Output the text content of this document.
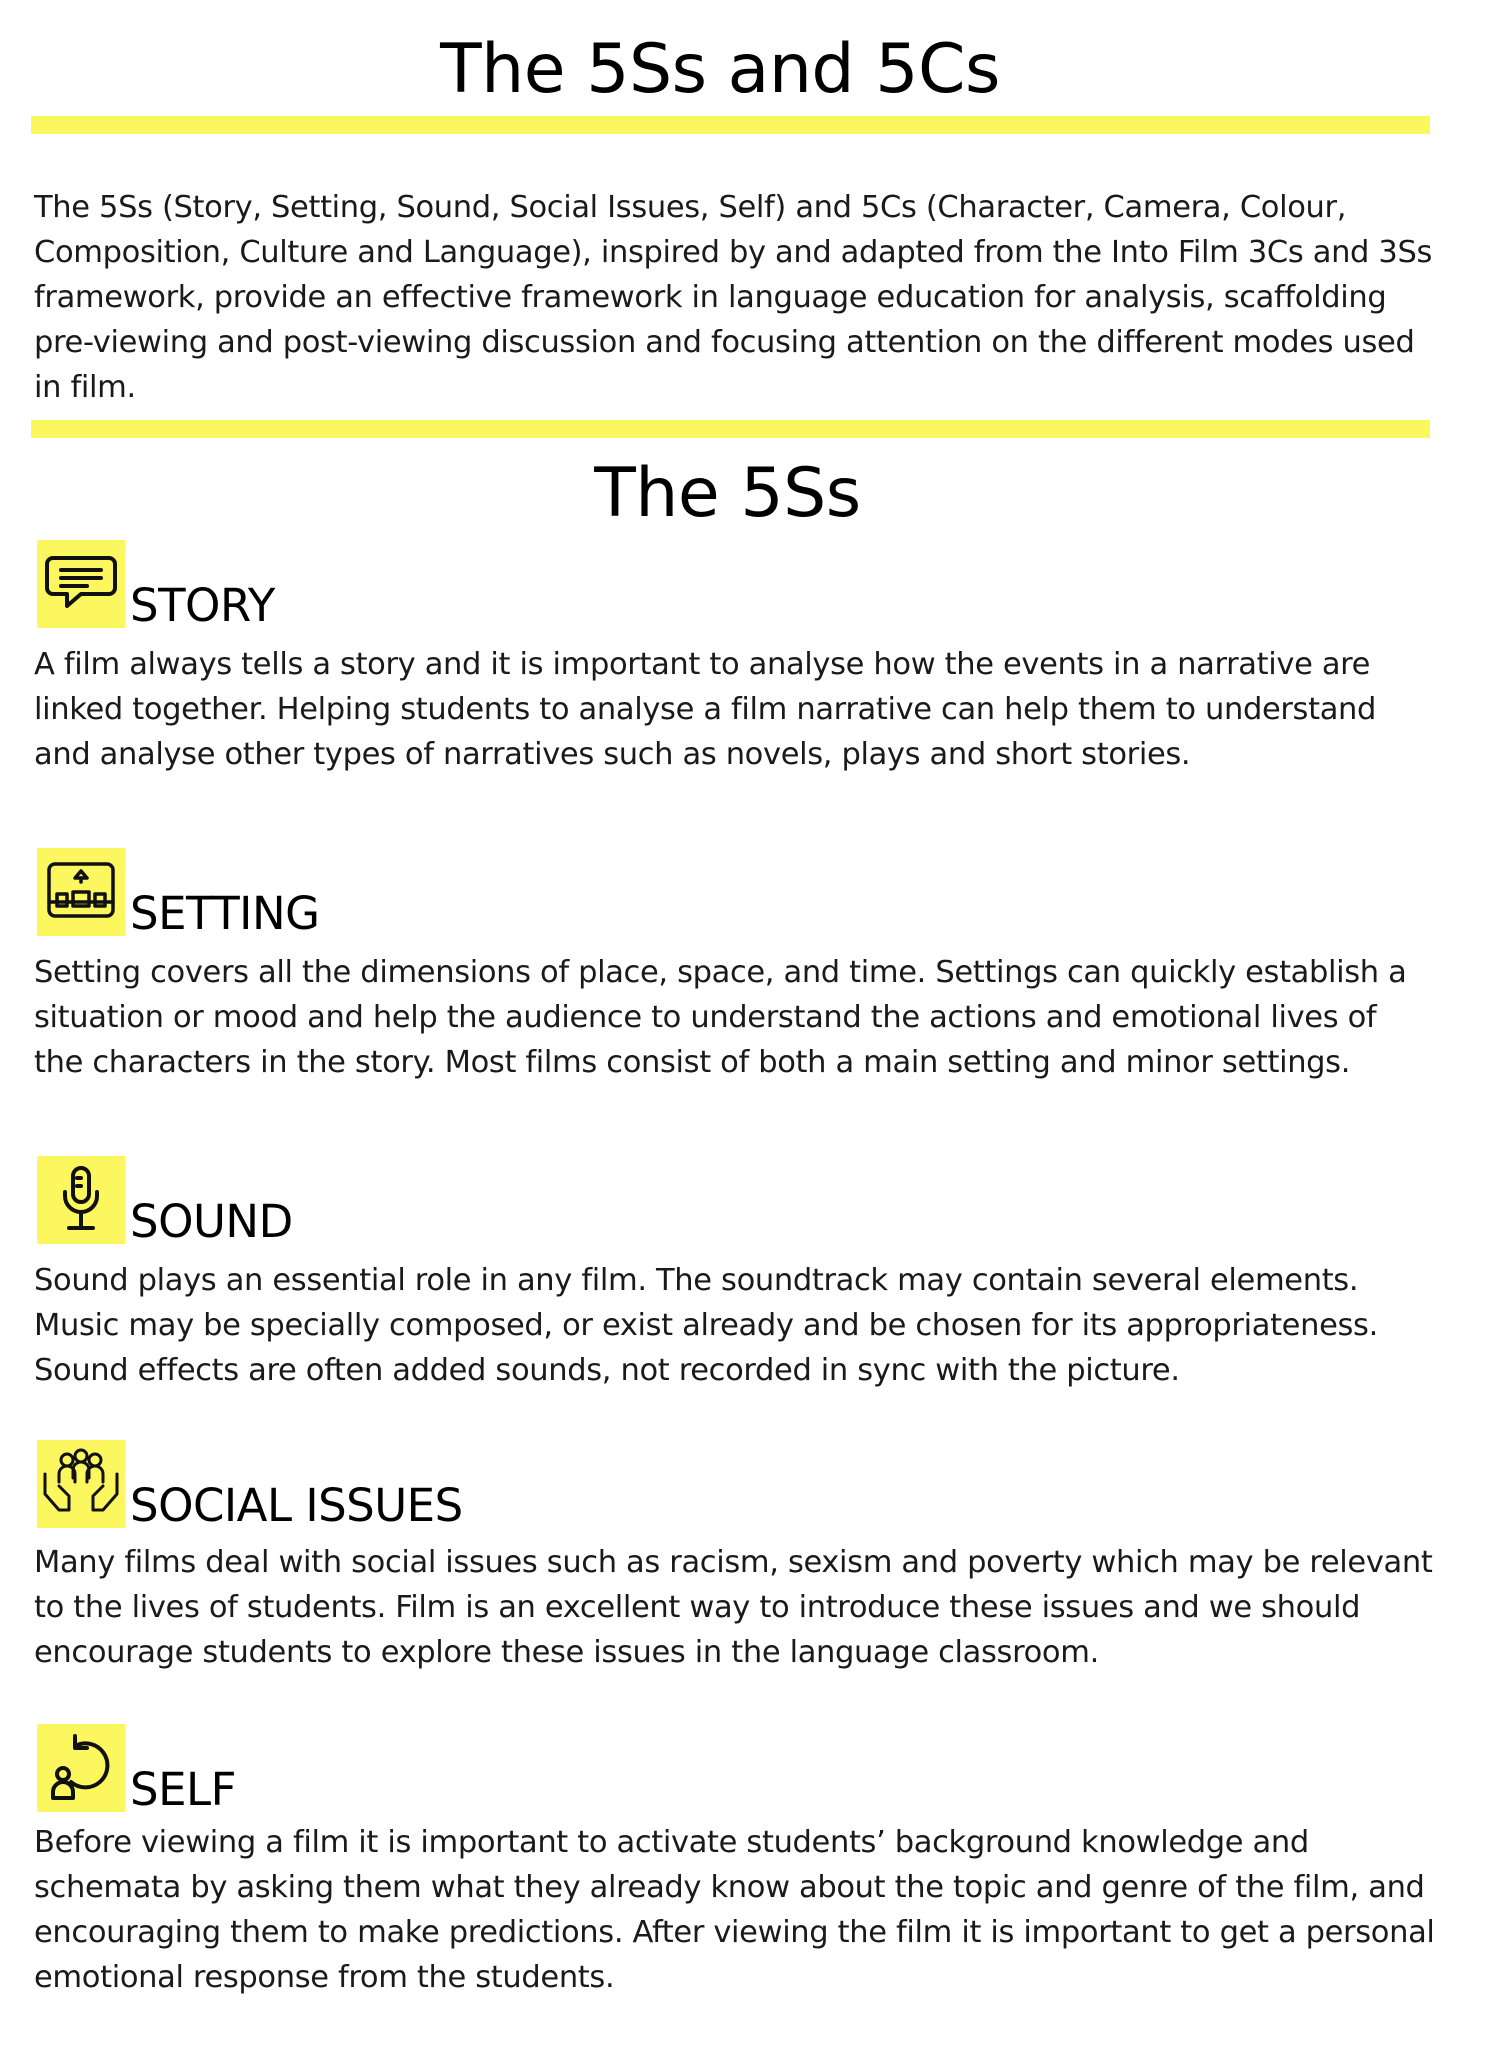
The 5Ss and 5Cs
The 5Ss (Story, Setting, Sound, Social Issues, Self) and 5Cs (Character, Camera, Colour,
Composition, Culture and Language), inspired by and adapted from the Into Film 3Cs and 3Ss
framework, provide an effective framework in language education for analysis, scaffolding
pre-viewing and post-viewing discussion and focusing attention on the different modes used
in film.
The 5Ss
STORY
A film always tells a story and it is important to analyse how the events in a narrative are
linked together. Helping students to analyse a film narrative can help them to understand
and analyse other types of narratives such as novels, plays and short stories.
SETTING
Setting covers all the dimensions of place, space, and time. Settings can quickly establish a
situation or mood and help the audience to understand the actions and emotional lives of
the characters in the story. Most films consist of both a main setting and minor settings.
SOUND
Sound plays an essential role in any film. The soundtrack may contain several elements.
Music may be specially composed, or exist already and be chosen for its appropriateness.
Sound effects are often added sounds, not recorded in sync with the picture.
SOCIAL ISSUES
Many films deal with social issues such as racism, sexism and poverty which may be relevant
to the lives of students. Film is an excellent way to introduce these issues and we should
encourage students to explore these issues in the language classroom.
SELF
Before viewing a film it is important to activate students’ background knowledge and
schemata by asking them what they already know about the topic and genre of the film, and
encouraging them to make predictions. After viewing the film it is important to get a personal
emotional response from the students.
